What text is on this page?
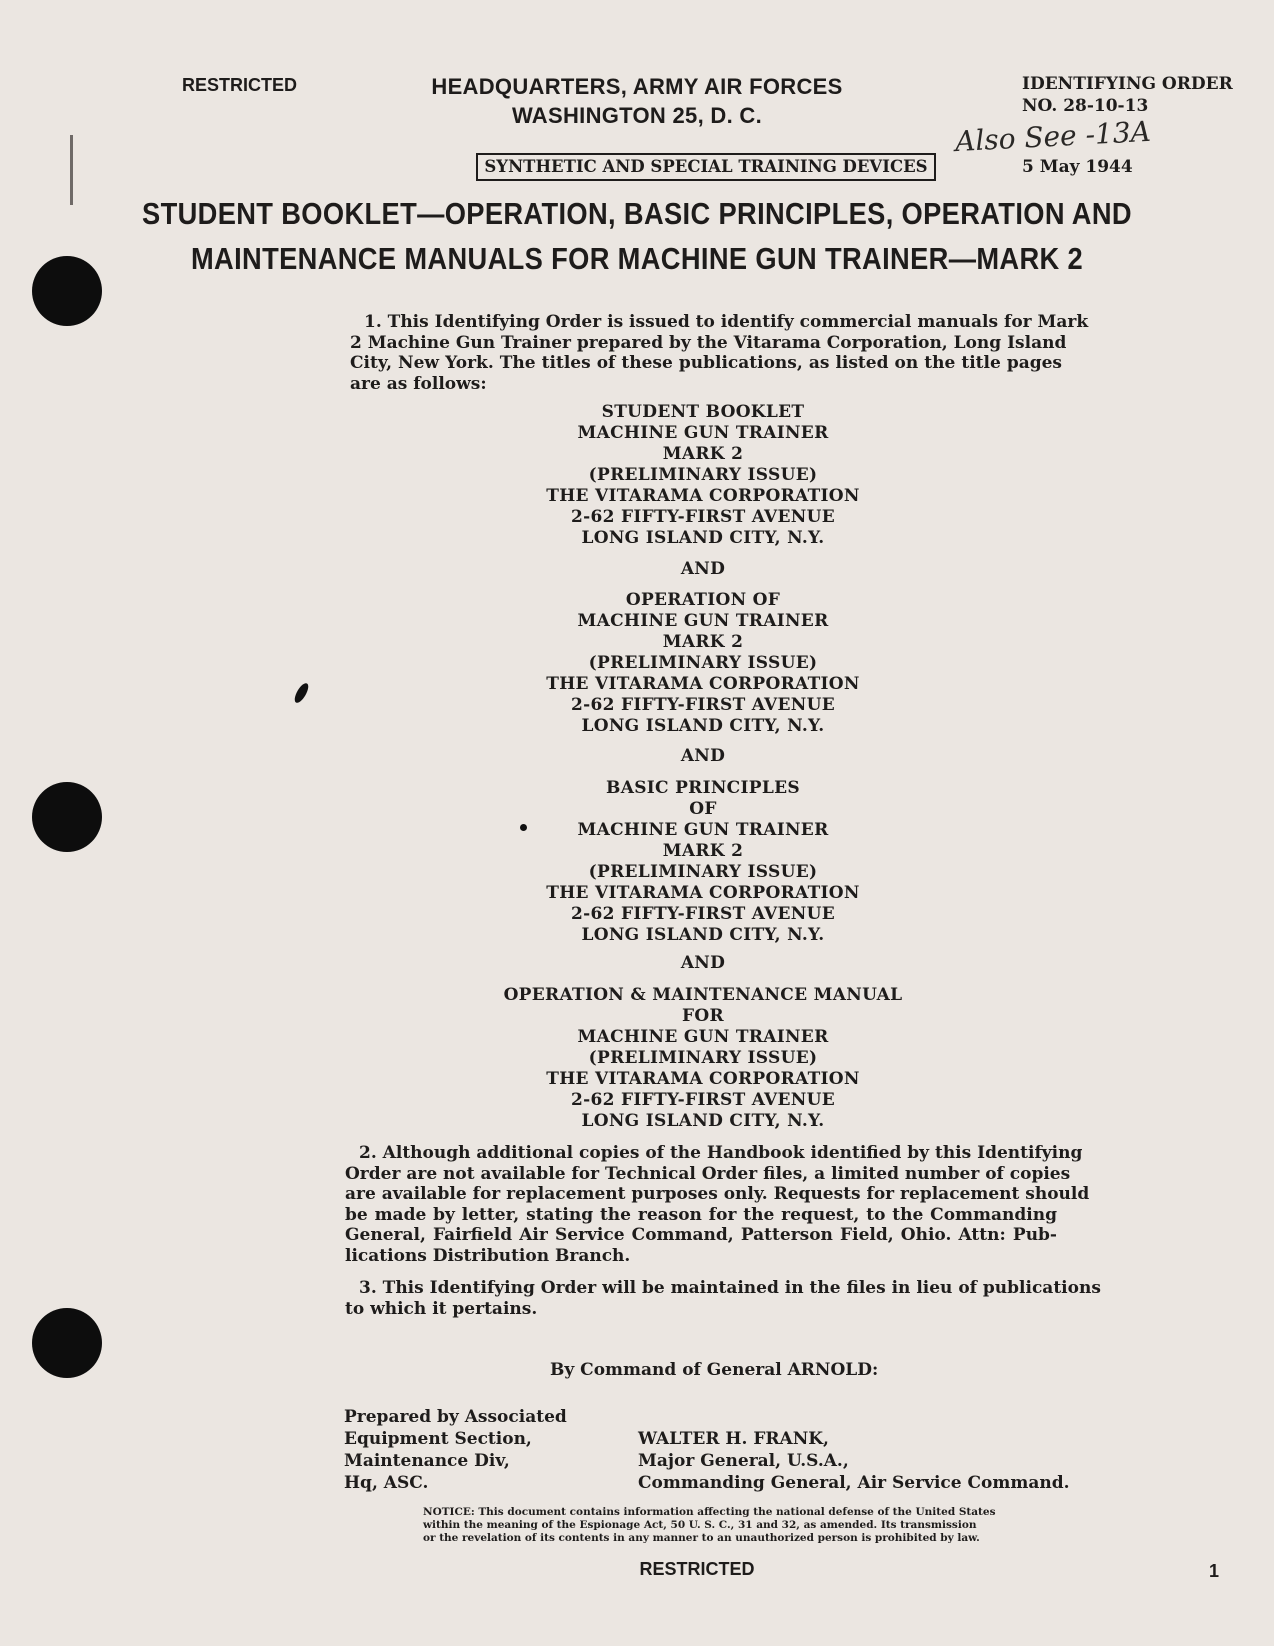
RESTRICTED	HEADQUARTERS, ARMY AIR FORCES
WASHINGTON 25, D. C.
IDENTIFYING ORDER
NO. 28-10-13
Also See -13A
SYNTHETIC AND SPECIAL TRAINING DEVICES	5 May 1944
STUDENT BOOKLET—OPERATION, BASIC PRINCIPLES, OPERATION AND
MAINTENANCE MANUALS FOR MACHINE GUN TRAINER—MARK 2
1. This Identifying Order is issued to identify commercial manuals for Mark
2 Machine Gun Trainer prepared by the Vitarama Corporation, Long Island
City, New York. The titles of these publications, as listed on the title pages
are as follows:
STUDENT BOOKLET
MACHINE GUN TRAINER
MARK 2
(PRELIMINARY ISSUE)
THE VITARAMA CORPORATION
2-62 FIFTY-FIRST AVENUE
LONG ISLAND CITY, N.Y.
AND
OPERATION OF
MACHINE GUN TRAINER
MARK 2
(PRELIMINARY ISSUE)
THE VITARAMA CORPORATION
2-62 FIFTY-FIRST AVENUE
LONG ISLAND CITY, N.Y.
AND
BASIC PRINCIPLES
OF
MACHINE GUN TRAINER
MARK 2
(PRELIMINARY ISSUE)
THE VITARAMA CORPORATION
2-62 FIFTY-FIRST AVENUE
LONG ISLAND CITY, N.Y.
AND
OPERATION & MAINTENANCE MANUAL
FOR
MACHINE GUN TRAINER
(PRELIMINARY ISSUE)
THE VITARAMA CORPORATION
2-62 FIFTY-FIRST AVENUE
LONG ISLAND CITY, N.Y.
2. Although additional copies of the Handbook identified by this Identifying
Order are not available for Technical Order files, a limited number of copies
are available for replacement purposes only. Requests for replacement should
be made by letter, stating the reason for the request, to the Commanding
General, Fairfield Air Service Command, Patterson Field, Ohio. Attn: Pub-
lications Distribution Branch.
3. This Identifying Order will be maintained in the files in lieu of publications
to which it pertains.
By Command of General ARNOLD:
Prepared by Associated
Equipment Section,
Maintenance Div,
Hq, ASC.
WALTER H. FRANK,
Major General, U.S.A.,
Commanding General, Air Service Command.
NOTICE: This document contains information affecting the national defense of the United States
within the meaning of the Espionage Act, 50 U. S. C., 31 and 32, as amended. Its transmission
or the revelation of its contents in any manner to an unauthorized person is prohibited by law.
RESTRICTED	1
